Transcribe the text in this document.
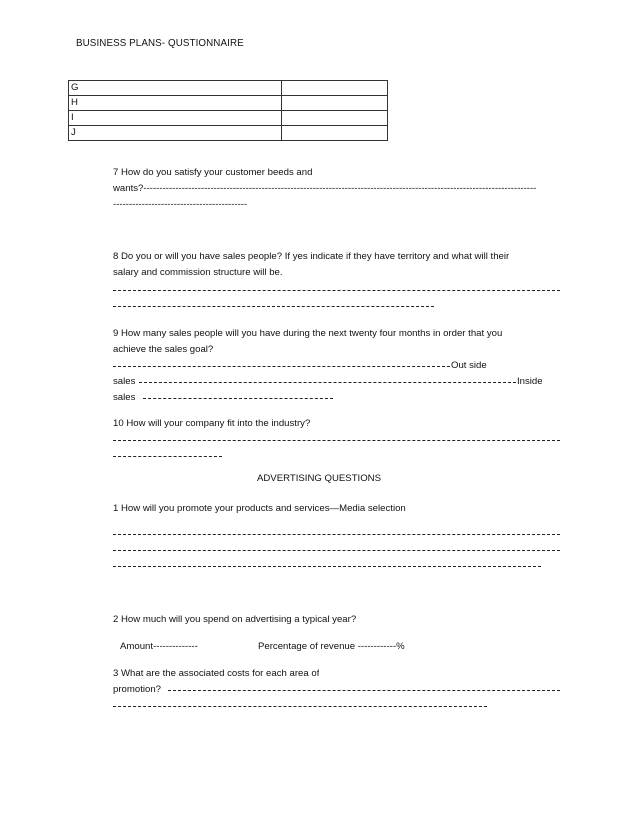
BUSINESS PLANS- QUSTIONNAIRE
G	
H	
I	
J	
7 How do you satisfy your customer beeds and
wants?---------------------------------------------------------------------------------------------------------------------------
------------------------------------------
8 Do you or will you have sales people? If yes indicate if they have territory and what will their
salary and commission structure will be.
9 How many sales people will you have during the next twenty four months in order that you
achieve the sales goal?
Out side
sales	Inside
sales
10 How will your company fit into the industry?
ADVERTISING QUESTIONS
1 How will you promote your products and services—Media selection
2 How much will you spend on advertising a typical year?
Amount--------------	Percentage of revenue ------------%
3 What are the associated costs for each area of
promotion?
